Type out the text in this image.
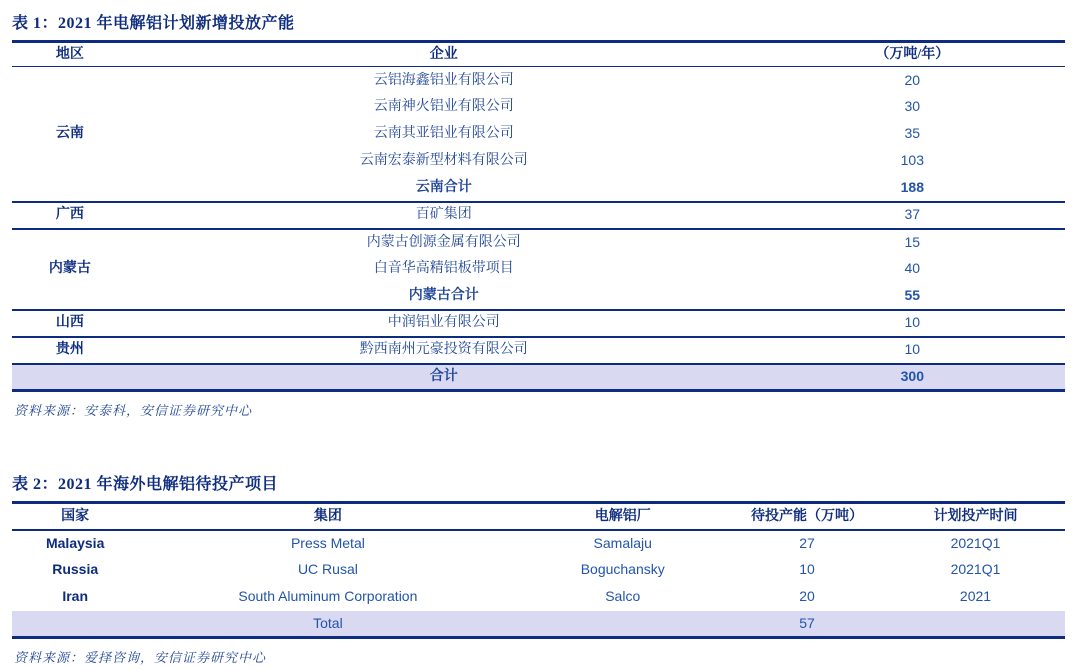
表 1：2021 年电解铝计划新增投放产能
地区	企业	（万吨/年）
云南	云铝海鑫铝业有限公司	20
	云南神火铝业有限公司	30
	云南其亚铝业有限公司	35
	云南宏泰新型材料有限公司	103
	云南合计	188
广西	百矿集团	37
内蒙古	内蒙古创源金属有限公司	15
	白音华高精铝板带项目	40
	内蒙古合计	55
山西	中润铝业有限公司	10
贵州	黔西南州元豪投资有限公司	10
	合计	300
资料来源：安泰科，安信证券研究中心
表 2：2021 年海外电解铝待投产项目
国家	集团	电解铝厂	待投产能（万吨）	计划投产时间
Malaysia	Press Metal	Samalaju	27	2021Q1
Russia	UC Rusal	Boguchansky	10	2021Q1
Iran	South Aluminum Corporation	Salco	20	2021
	Total		57	
资料来源：爱择咨询，安信证券研究中心
